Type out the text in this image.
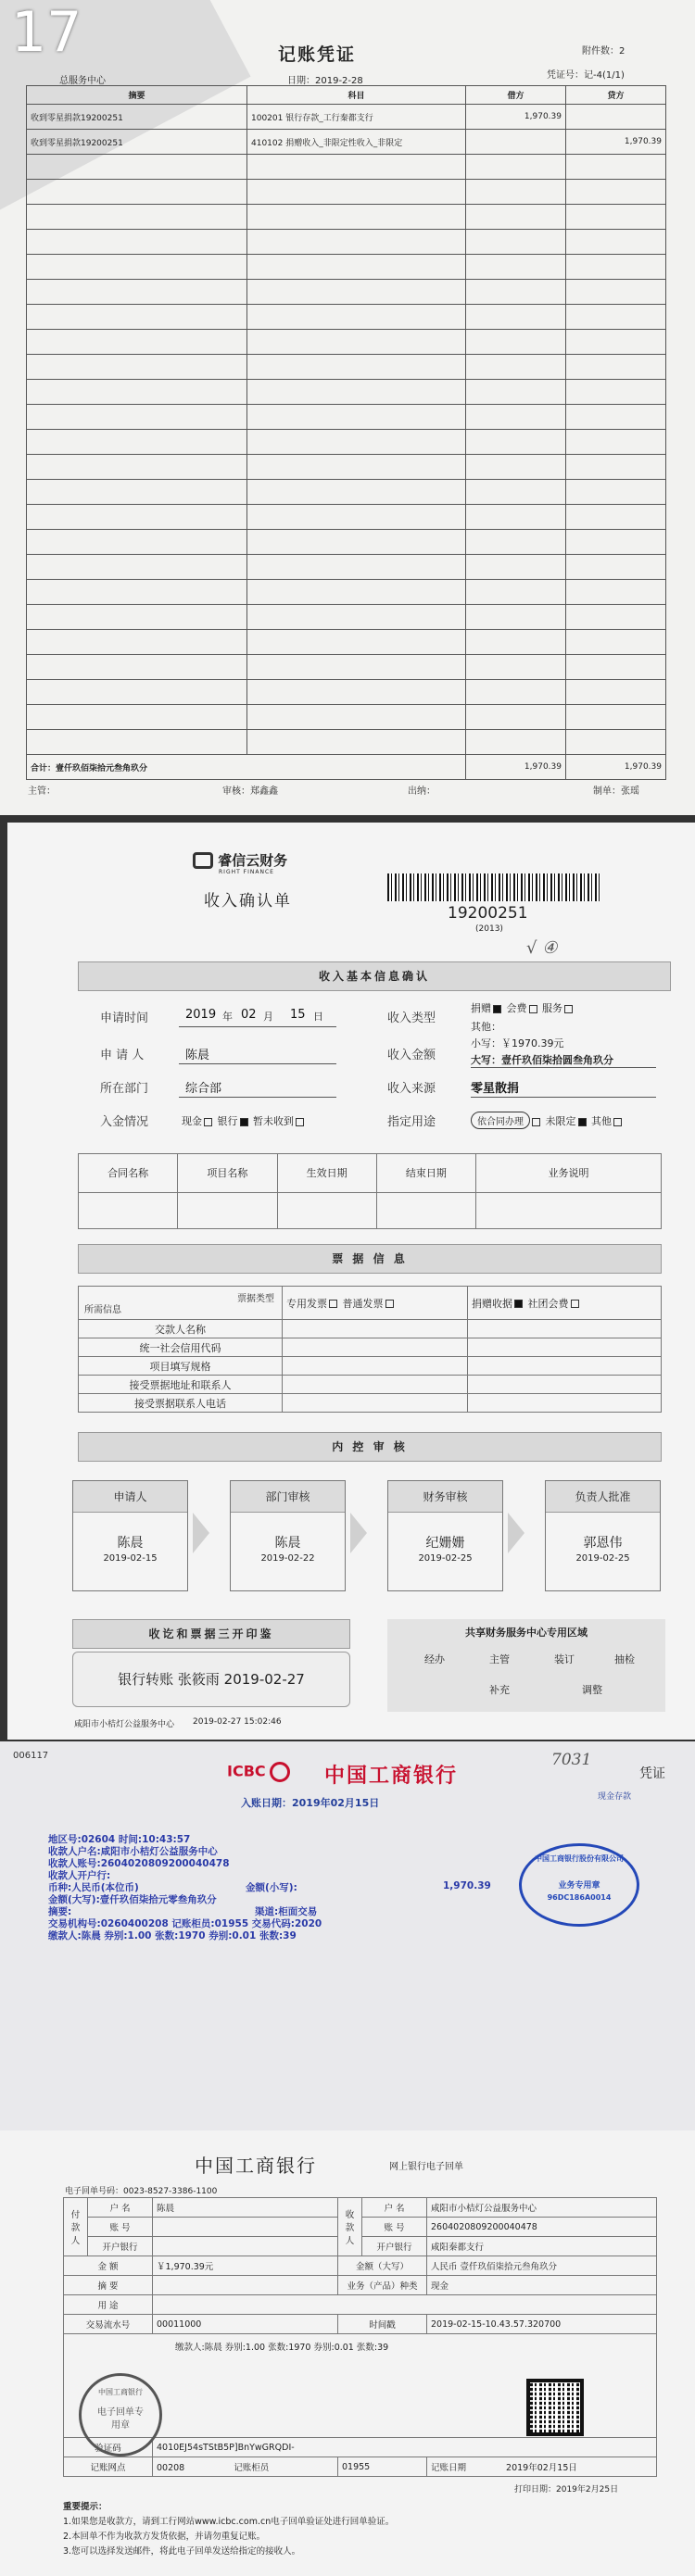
17	记账凭证	附件数：2
总服务中心	日期：2019-2-28
凭证号：记-4(1/1)
摘要	科目	借方	贷方
收到零星捐款19200251	100201 银行存款_工行秦都支行	1,970.39	
收到零星捐款19200251	410102 捐赠收入_非限定性收入_非限定		1,970.39

合计：壹仟玖佰柒拾元叁角玖分		1,970.39	1,970.39
主管：	审核：郑鑫鑫	出纳：	制单：张瑶
睿信云财务
RIGHT FINANCE
收入确认单
19200251
(2013)
√ ④
收入基本信息确认
申请时间	2019 年 02 月 15 日
申 请 人	陈晨
所在部门	综合部
入金情况	现金 银行 暂未收到
收入类型
捐赠 会费 服务
其他：
收入金额
小写：￥1970.39元
大写：壹仟玖佰柒拾圆叁角玖分
收入来源	零星散捐
指定用途	依合同办理 未限定 其他
合同名称	项目名称	生效日期	结束日期	业务说明

票 据 信 息
票据类型
所需信息	专用发票 普通发票	捐赠收据 社团会费
交款人名称		
统一社会信用代码		
项目填写规格		
接受票据地址和联系人		
接受票据联系人电话		
内 控 审 核
申请人
陈晨
2019-02-15
部门审核
陈晨
2019-02-22
财务审核
纪姗姗
2019-02-25
负责人批准
郭恩伟
2019-02-25
收讫和票据三开印鉴
银行转账 张筱雨 2019-02-27
共享财务服务中心专用区域
经办	主管	装订	抽检
补充	调整
咸阳市小桔灯公益服务中心 2019-02-27 15:02:46
006117
ICBC	中国工商银行
7031
凭证
现金存款
入账日期：2019年02月15日
地区号:02604 时间:10:43:57
收款人户名:咸阳市小桔灯公益服务中心
收款人账号:2604020809200040478
收款人开户行:
币种:人民币(本位币)	金额(小写):	1,970.39
金额(大写):壹仟玖佰柒拾元零叁角玖分
摘要:	渠道:柜面交易
交易机构号:0260400208 记账柜员:01955 交易代码:2020
缴款人:陈晨 券别:1.00 张数:1970 券别:0.01 张数:39
中国工商银行股份有限公司
业务专用章
96DC186A0014
中国工商银行	网上银行电子回单
电子回单号码：0023-8527-3386-1100
付款人	户 名	陈晨	收款人	户 名	咸阳市小桔灯公益服务中心
	账 号			账 号	2604020809200040478
	开户银行			开户银行	咸阳秦都支行
金 额		￥1,970.39元	金额（大写）		人民币 壹仟玖佰柒拾元叁角玖分
摘 要			业务（产品）种类		现金
用 途					
交易流水号		00011000	时间戳		2019-02-15-10.43.57.320700

缴款人:陈晨 券别:1.00 张数:1970 券别:0.01 张数:39					

验证码		4010EJ54sTStB5P]BnYwGRQDI-			
记账网点		00208 记账柜员	01955		记账日期 2019年02月15日
中国工商银行
电子回单专用章
打印日期：2019年2月25日
重要提示：
1.如果您是收款方，请到工行网站www.icbc.com.cn电子回单验证处进行回单验证。
2.本回单不作为收款方发货依据，并请勿重复记账。
3.您可以选择发送邮件，将此电子回单发送给指定的接收人。
